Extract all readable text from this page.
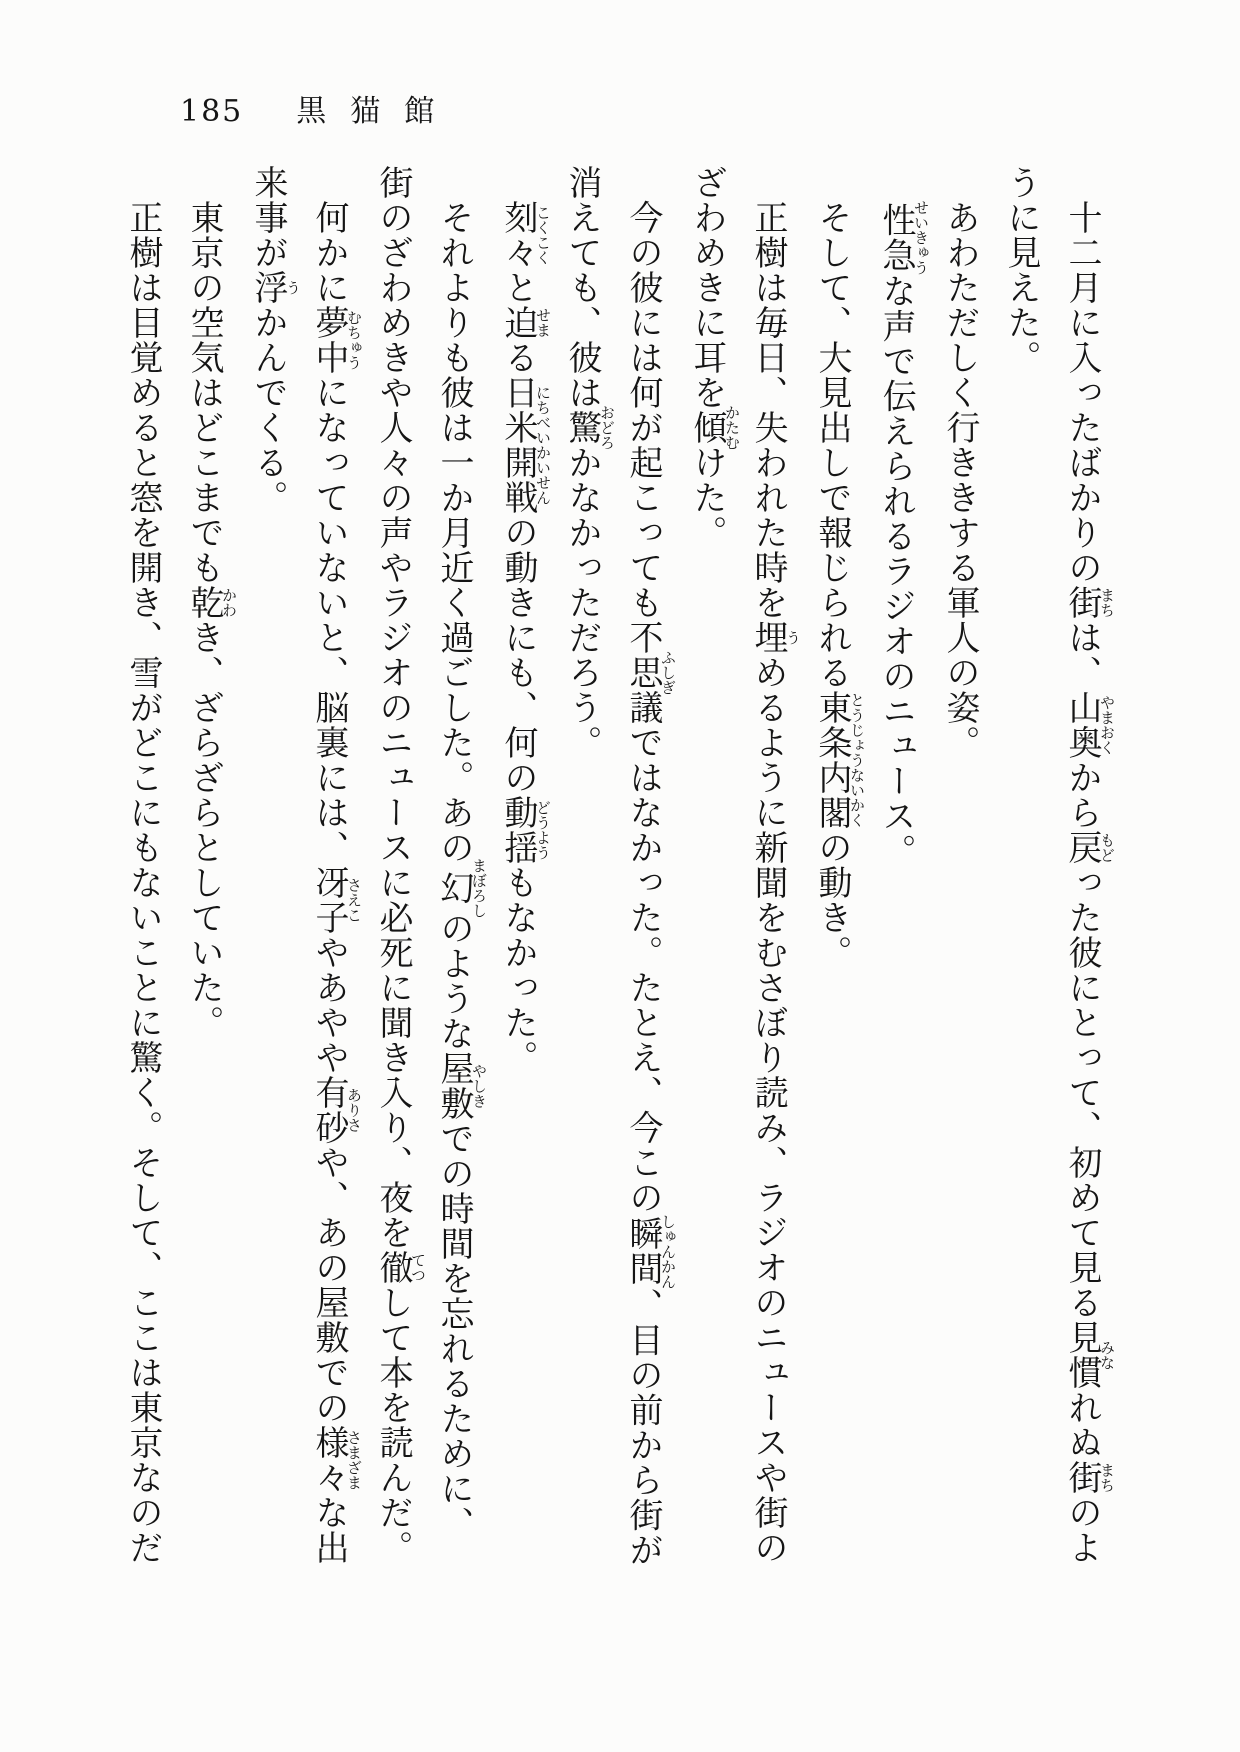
185 黒猫館

十二月に入ったばかりの街まちは、山奥やまおくから戻もどった彼にとって、初めて見る見慣みなれぬ街まちのように見えた。

あわただしく行ききする軍人の姿。

性急せいきゅうな声で伝えられるラジオのニュース。

そして、大見出しで報じられる東条内閣とうじょうないかくの動き。

正樹は毎日、失われた時を埋うめるように新聞をむさぼり読み、ラジオのニュースや街のざわめきに耳を傾かたむけた。

今の彼には何が起こっても不思議ふしぎではなかった。たとえ、今この瞬間しゅんかん、目の前から街が消えても、彼は驚おどろかなかっただろう。

刻々こくこくと迫せまる日米開戦にちべいかいせんの動きにも、何の動揺どうようもなかった。

それよりも彼は一か月近く過ごした。あの幻まぼろしのような屋敷やしきでの時間を忘れるために、街のざわめきや人々の声やラジオのニュースに必死に聞き入り、夜を徹てつして本を読んだ。

何かに夢中むちゅうになっていないと、脳裏には、冴子さえこやあやや有砂ありさや、あの屋敷での様々さまざまな出来事が浮うかんでくる。

東京の空気はどこまでも乾かわき、ざらざらとしていた。

正樹は目覚めると窓を開き、雪がどこにもないことに驚く。そして、ここは東京なのだ
